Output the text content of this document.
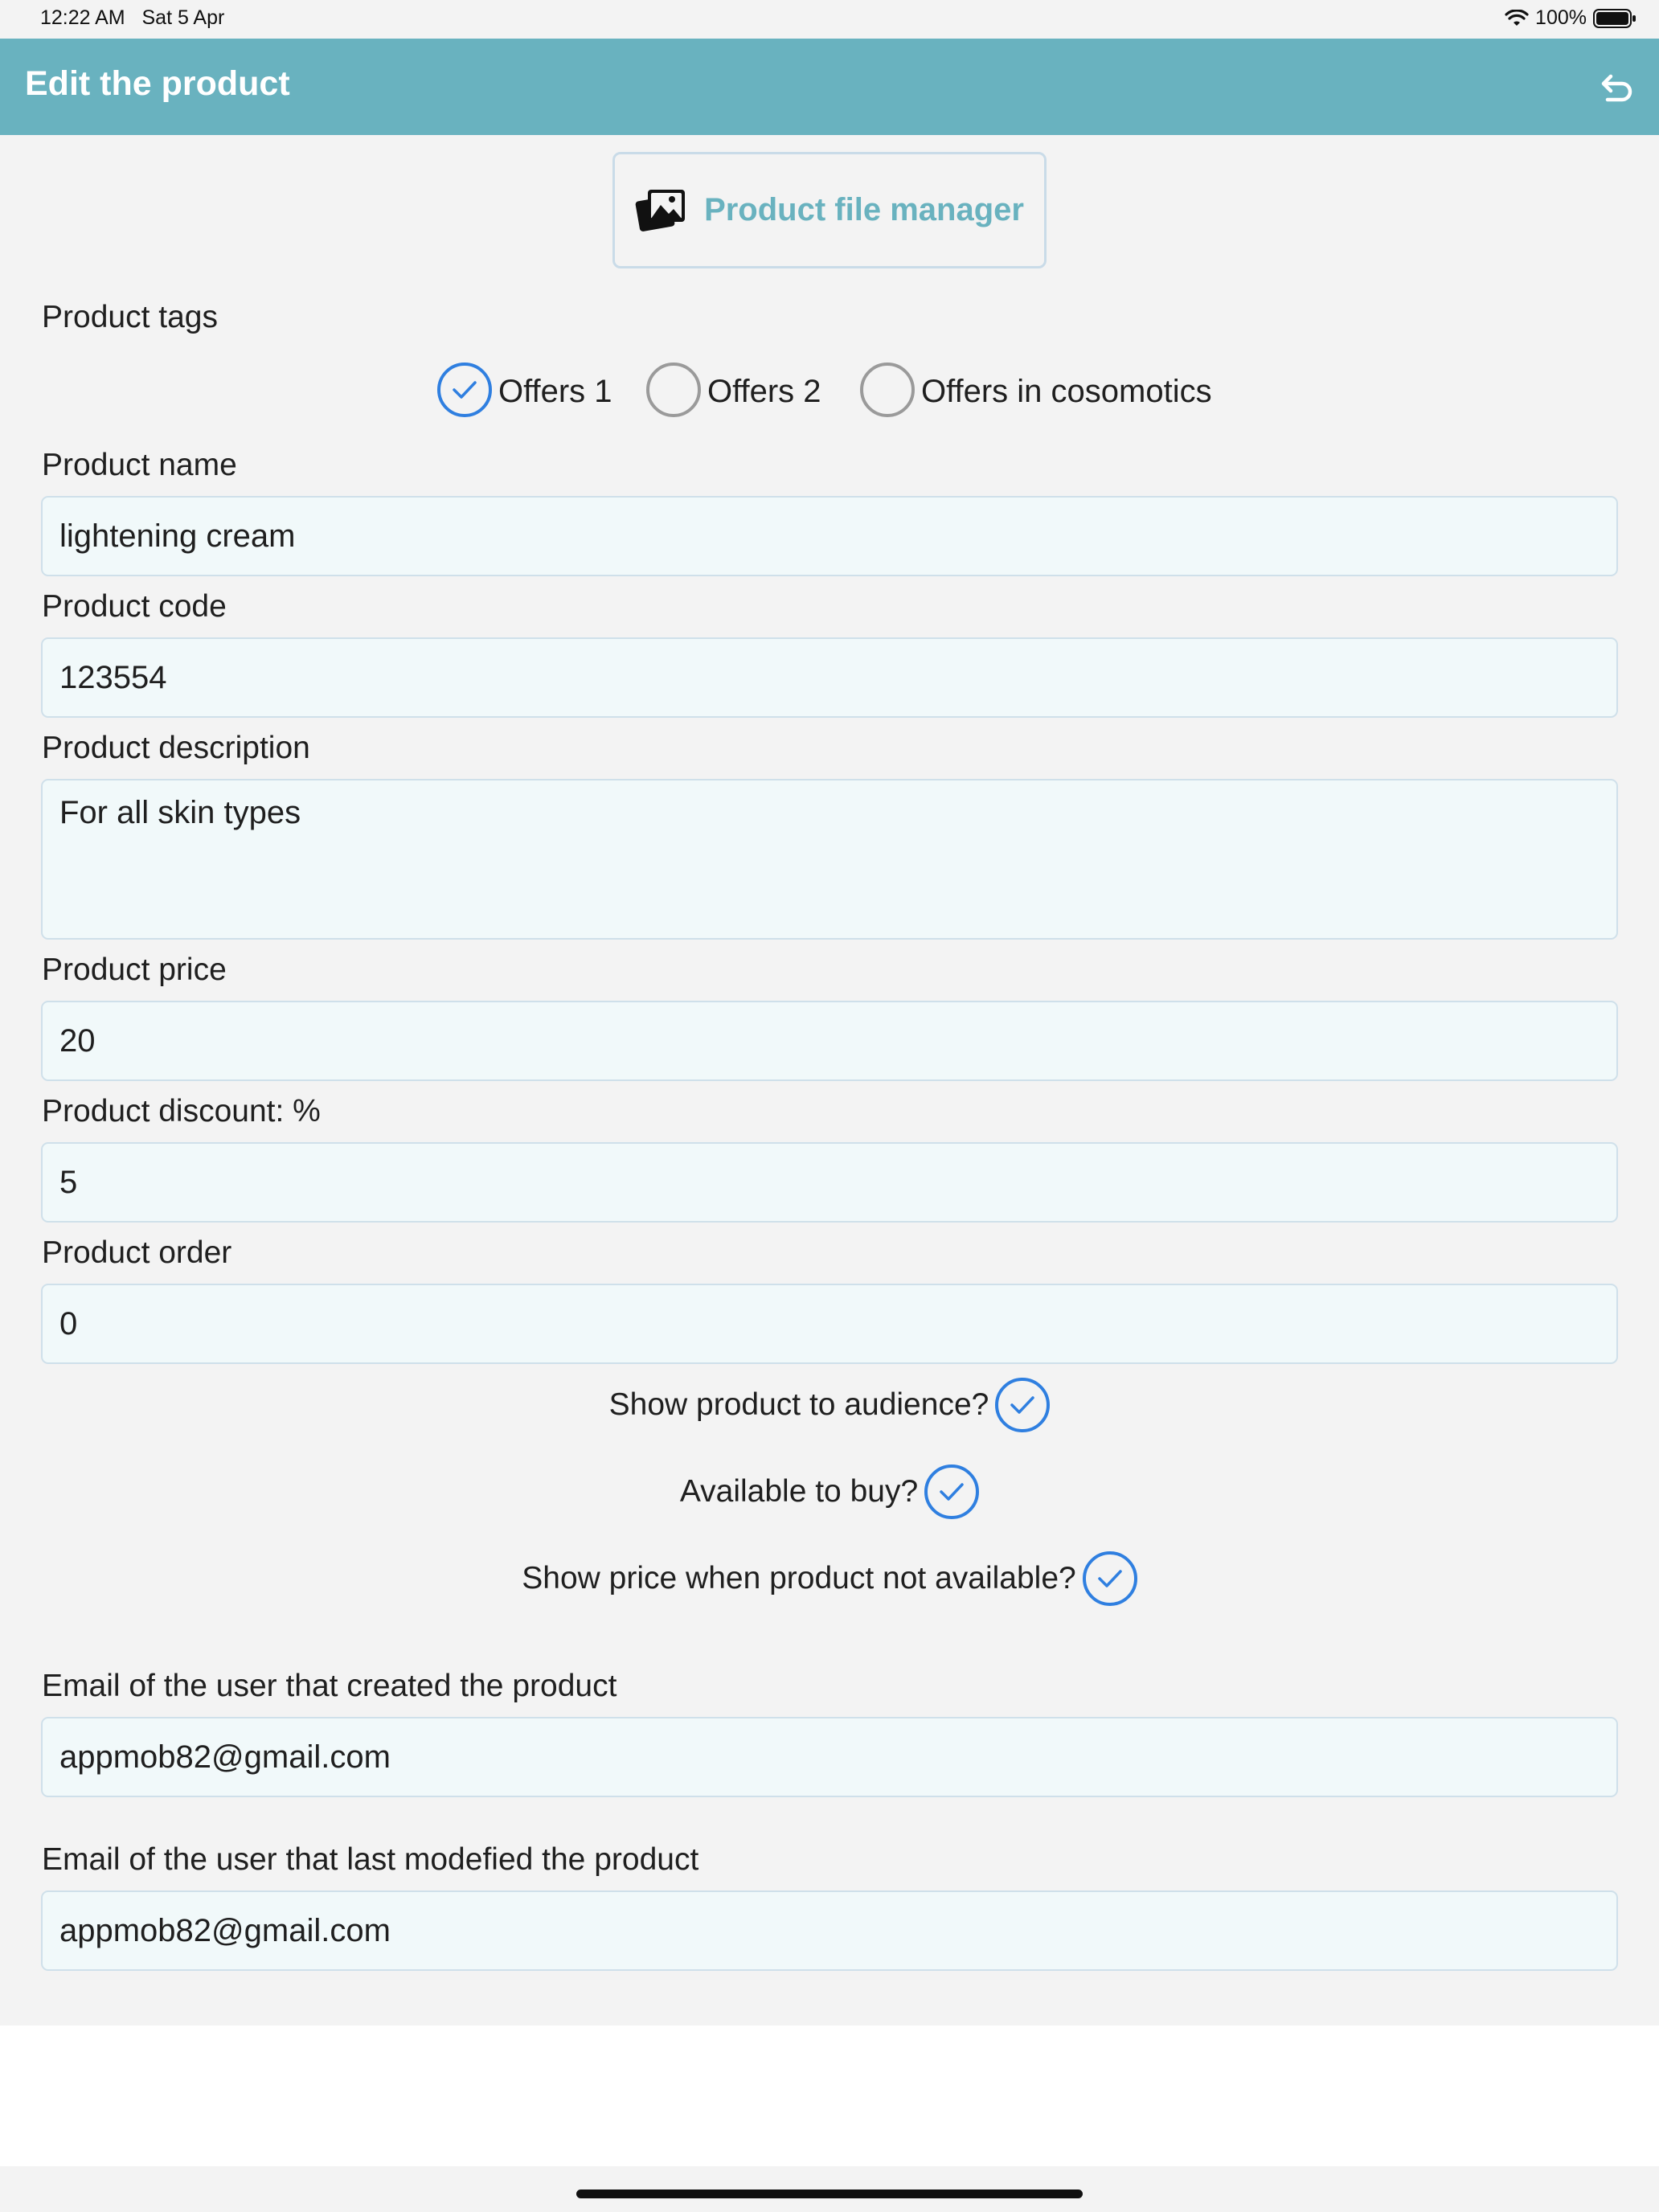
12:22 AM Sat 5 Apr	100%
Edit the product
Product file manager
Product tags
Offers 1	Offers 2	Offers in cosomotics
Product name
lightening cream
Product code
123554
Product description
For all skin types
Product price
20
Product discount: %
5
Product order
0
Show product to audience?
Available to buy?
Show price when product not available?
Email of the user that created the product
appmob82@gmail.com
Email of the user that last modefied the product
appmob82@gmail.com
